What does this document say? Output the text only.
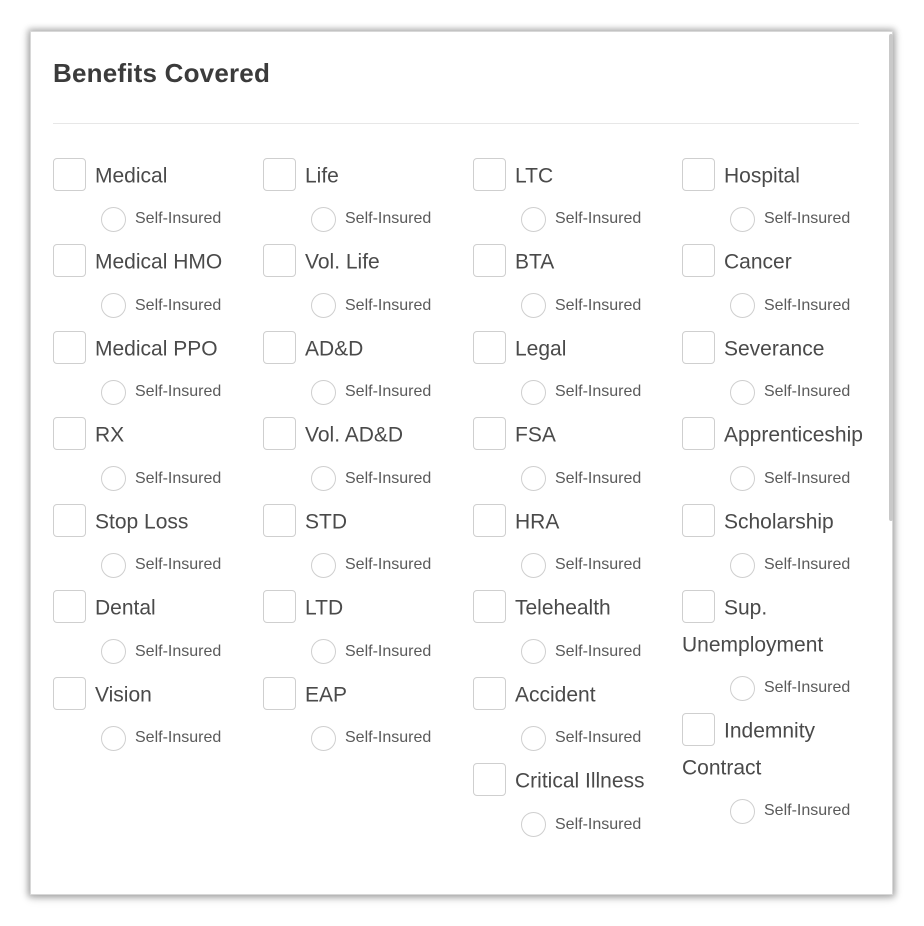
Benefits Covered
Medical
Self-Insured
Medical HMO
Self-Insured
Medical PPO
Self-Insured
RX
Self-Insured
Stop Loss
Self-Insured
Dental
Self-Insured
Vision
Self-Insured
Life
Self-Insured
Vol. Life
Self-Insured
AD&D
Self-Insured
Vol. AD&D
Self-Insured
STD
Self-Insured
LTD
Self-Insured
EAP
Self-Insured
LTC
Self-Insured
BTA
Self-Insured
Legal
Self-Insured
FSA
Self-Insured
HRA
Self-Insured
Telehealth
Self-Insured
Accident
Self-Insured
Critical Illness
Self-Insured
Hospital
Self-Insured
Cancer
Self-Insured
Severance
Self-Insured
Apprenticeship
Self-Insured
Scholarship
Self-Insured
Sup. Unemployment
Self-Insured
Indemnity Contract
Self-Insured
